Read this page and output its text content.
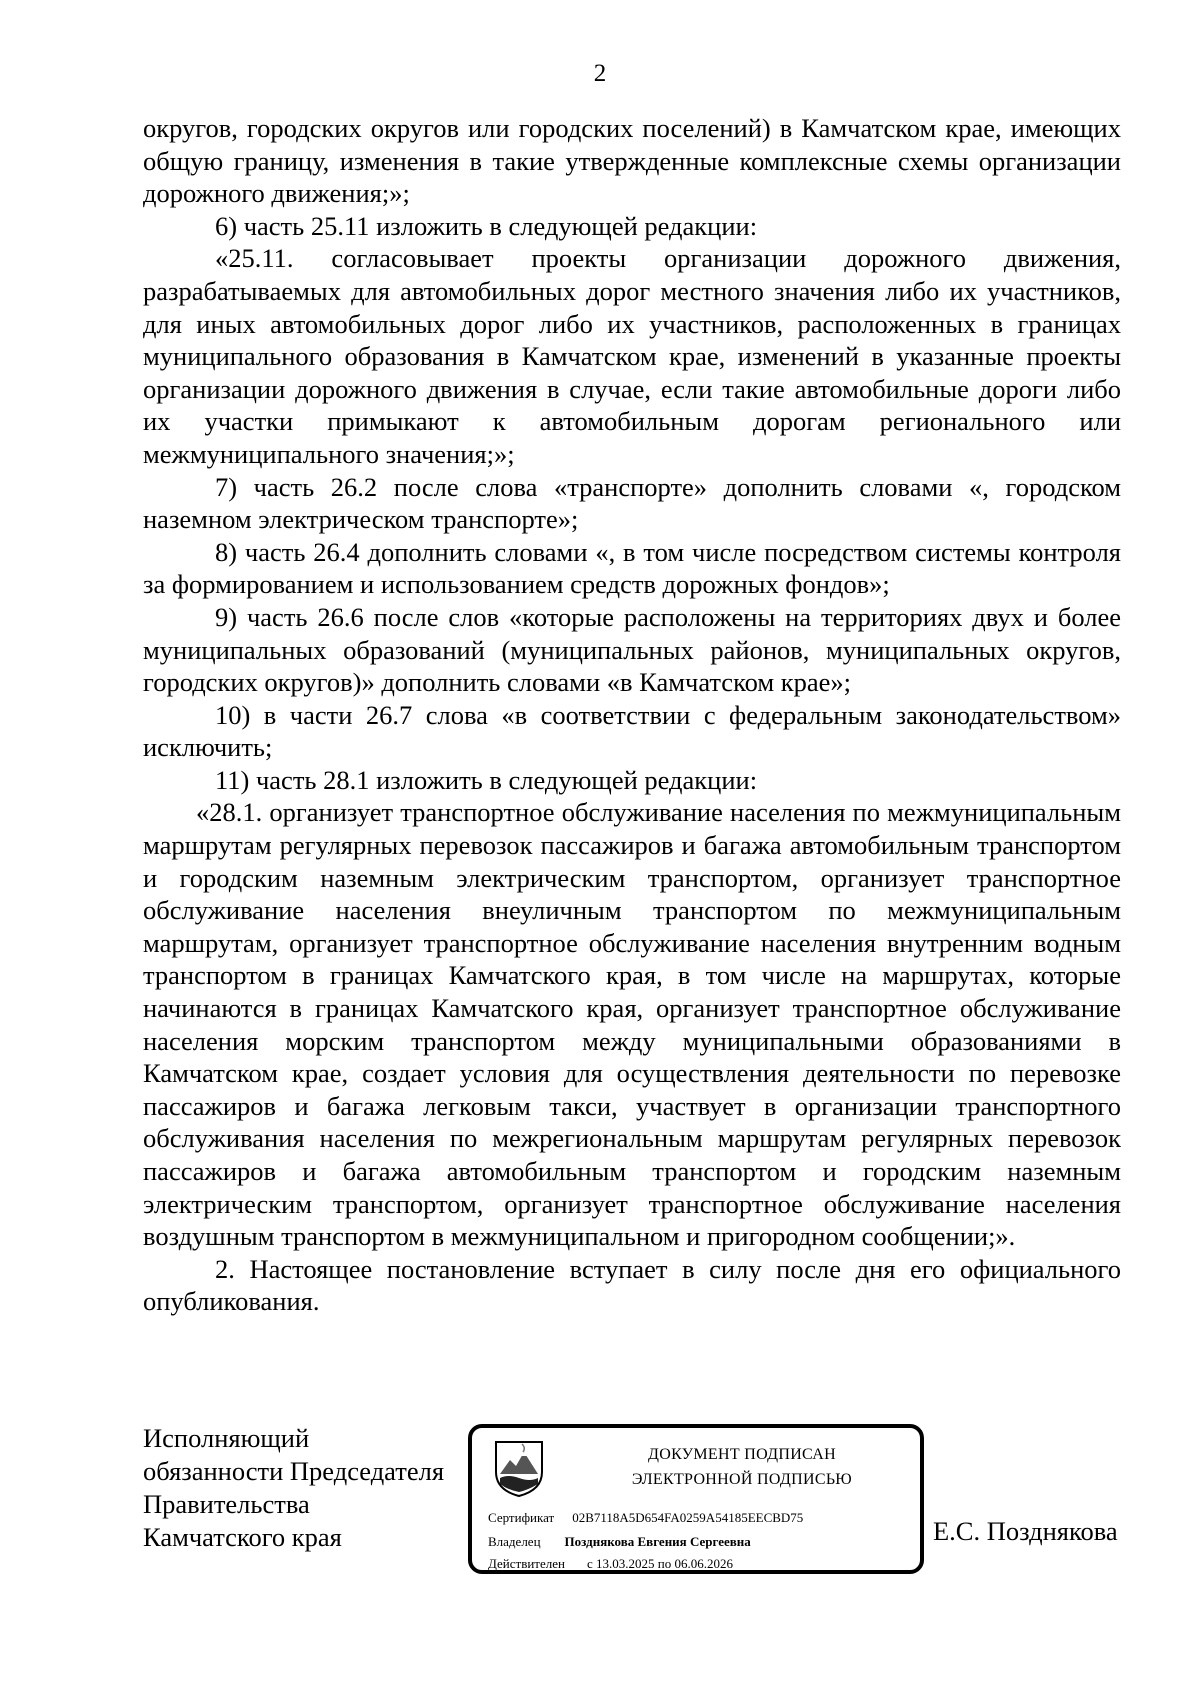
2

округов, городских округов или городских поселений) в Камчатском крае, имеющих общую границу, изменения в такие утвержденные комплексные схемы организации дорожного движения;»;

6) часть 25.11 изложить в следующей редакции:

«25.11. согласовывает проекты организации дорожного движения, разрабатываемых для автомобильных дорог местного значения либо их участников, для иных автомобильных дорог либо их участников, расположенных в границах муниципального образования в Камчатском крае, изменений в указанные проекты организации дорожного движения в случае, если такие автомобильные дороги либо их участки примыкают к автомобильным дорогам регионального или межмуниципального значения;»;

7) часть 26.2 после слова «транспорте» дополнить словами «, городском наземном электрическом транспорте»;

8) часть 26.4 дополнить словами «, в том числе посредством системы контроля за формированием и использованием средств дорожных фондов»;

9) часть 26.6 после слов «которые расположены на территориях двух и более муниципальных образований (муниципальных районов, муниципальных округов, городских округов)» дополнить словами «в Камчатском крае»;

10) в части 26.7 слова «в соответствии с федеральным законодательством» исключить;

11) часть 28.1 изложить в следующей редакции:

«28.1. организует транспортное обслуживание населения по межмуниципальным маршрутам регулярных перевозок пассажиров и багажа автомобильным транспортом и городским наземным электрическим транспортом, организует транспортное обслуживание населения внеуличным транспортом по межмуниципальным маршрутам, организует транспортное обслуживание населения внутренним водным транспортом в границах Камчатского края, в том числе на маршрутах, которые начинаются в границах Камчатского края, организует транспортное обслуживание населения морским транспортом между муниципальными образованиями в Камчатском крае, создает условия для осуществления деятельности по перевозке пассажиров и багажа легковым такси, участвует в организации транспортного обслуживания населения по межрегиональным маршрутам регулярных перевозок пассажиров и багажа автомобильным транспортом и городским наземным электрическим транспортом, организует транспортное обслуживание населения воздушным транспортом в межмуниципальном и пригородном сообщении;».

2. Настоящее постановление вступает в силу после дня его официального опубликования.

Исполняющий
обязанности Председателя
Правительства
Камчатского края
ДОКУМЕНТ ПОДПИСАН
ЭЛЕКТРОННОЙ ПОДПИСЬЮ
Сертификат 02B7118A5D654FA0259A54185EECBD75
Владелец Позднякова Евгения Сергеевна
Действителен с 13.03.2025 по 06.06.2026
Е.С. Позднякова
